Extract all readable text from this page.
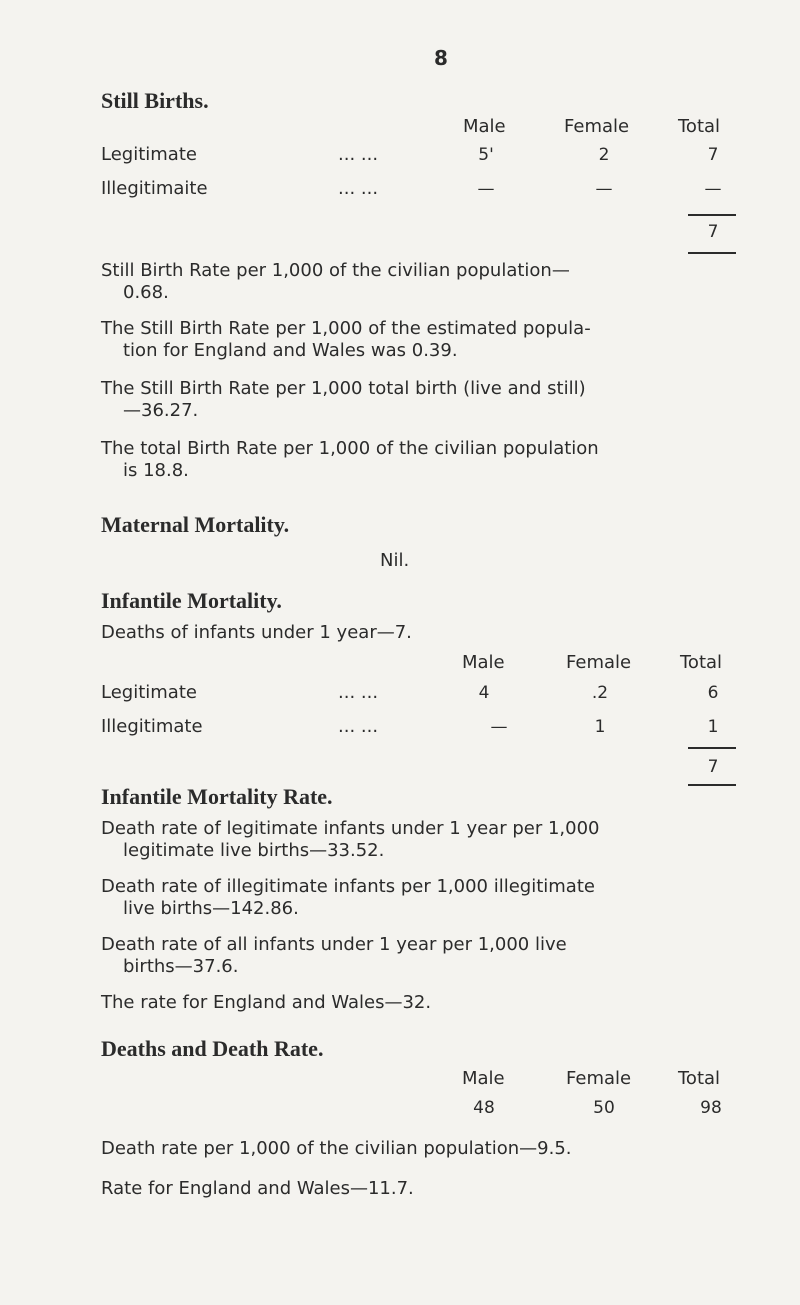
8
Still Births.
Male	Female	Total
Legitimate	... ...	5'	2	7
Illegitimaite	... ...	—	—	—
7

Still Birth Rate per 1,000 of the civilian population—

0.68.

The Still Birth Rate per 1,000 of the estimated popula-

tion for England and Wales was 0.39.

The Still Birth Rate per 1,000 total birth (live and still)

—36.27.

The total Birth Rate per 1,000 of the civilian population

is 18.8.

Maternal Mortality.
Nil.
Infantile Mortality.
Deaths of infants under 1 year—7.
Male	Female	Total
Legitimate	... ...	4	.2	6
Illegitimate	... ...	—	1	1
7
Infantile Mortality Rate.

Death rate of legitimate infants under 1 year per 1,000

legitimate live births—33.52.

Death rate of illegitimate infants per 1,000 illegitimate

live births—142.86.

Death rate of all infants under 1 year per 1,000 live

births—37.6.

The rate for England and Wales—32.

Deaths and Death Rate.
Male	Female	Total
48	50	98
Death rate per 1,000 of the civilian population—9.5.
Rate for England and Wales—11.7.
